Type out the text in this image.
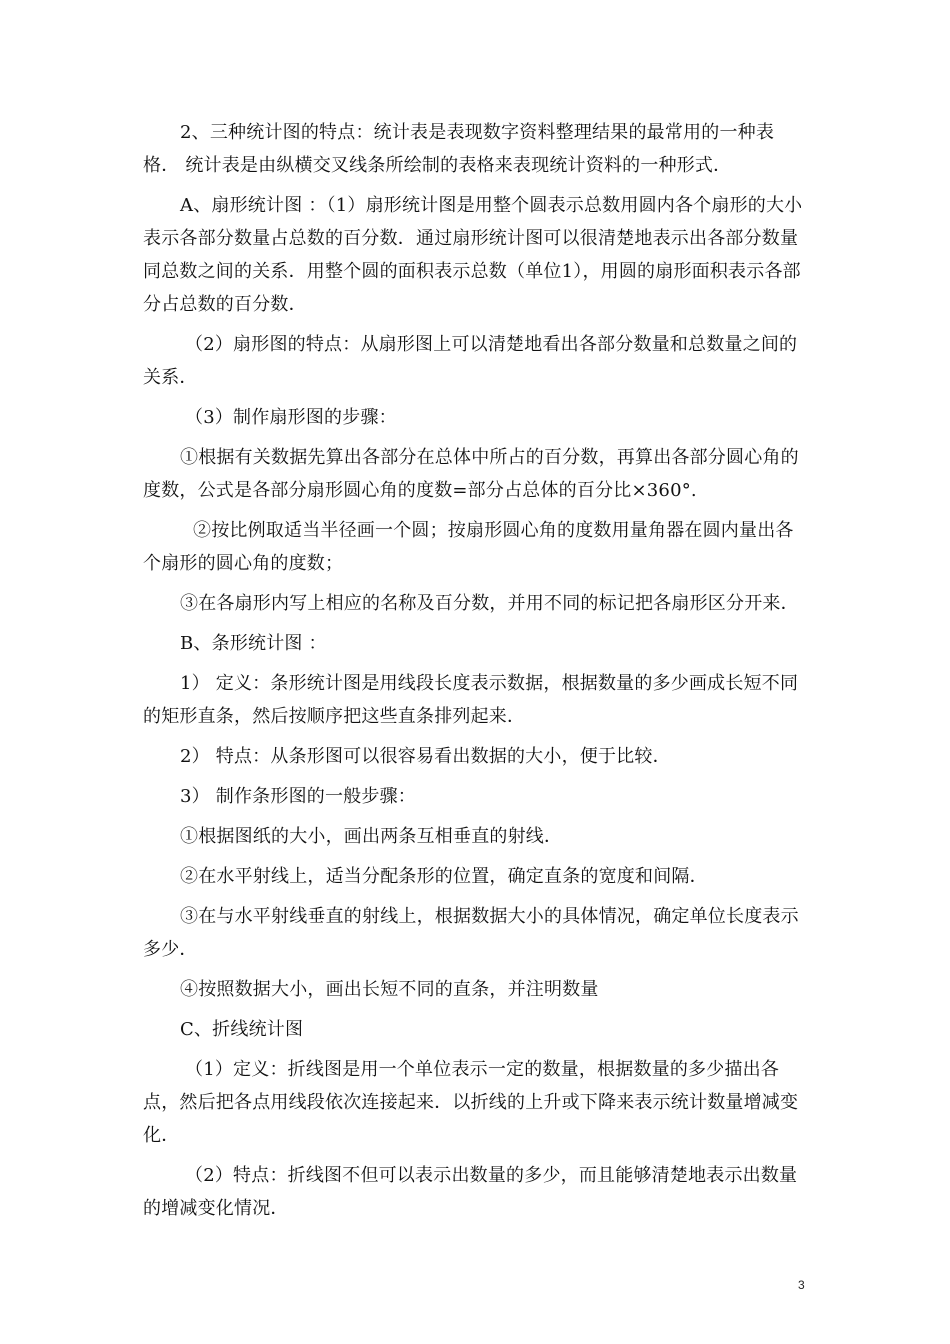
2、三种统计图的特点：统计表是表现数字资料整理结果的最常用的一种表格． 统计表是由纵横交叉线条所绘制的表格来表现统计资料的一种形式．

A、扇形统计图 ：（1）扇形统计图是用整个圆表示总数用圆内各个扇形的大小表示各部分数量占总数的百分数．通过扇形统计图可以很清楚地表示出各部分数量同总数之间的关系．用整个圆的面积表示总数（单位1），用圆的扇形面积表示各部分占总数的百分数．

（2）扇形图的特点：从扇形图上可以清楚地看出各部分数量和总数量之间的关系．

（3）制作扇形图的步骤：

①根据有关数据先算出各部分在总体中所占的百分数，再算出各部分圆心角的度数，公式是各部分扇形圆心角的度数=部分占总体的百分比×360°.

②按比例取适当半径画一个圆；按扇形圆心角的度数用量角器在圆内量出各个扇形的圆心角的度数；

③在各扇形内写上相应的名称及百分数，并用不同的标记把各扇形区分开来．

B、条形统计图 ：

1） 定义：条形统计图是用线段长度表示数据，根据数量的多少画成长短不同的矩形直条，然后按顺序把这些直条排列起来．

2） 特点：从条形图可以很容易看出数据的大小，便于比较．

3） 制作条形图的一般步骤：

①根据图纸的大小，画出两条互相垂直的射线．

②在水平射线上，适当分配条形的位置，确定直条的宽度和间隔．

③在与水平射线垂直的射线上，根据数据大小的具体情况，确定单位长度表示多少．

④按照数据大小，画出长短不同的直条，并注明数量

C、折线统计图

（1）定义：折线图是用一个单位表示一定的数量，根据数量的多少描出各点，然后把各点用线段依次连接起来．以折线的上升或下降来表示统计数量增减变化．

（2）特点：折线图不但可以表示出数量的多少，而且能够清楚地表示出数量的增减变化情况．

3
